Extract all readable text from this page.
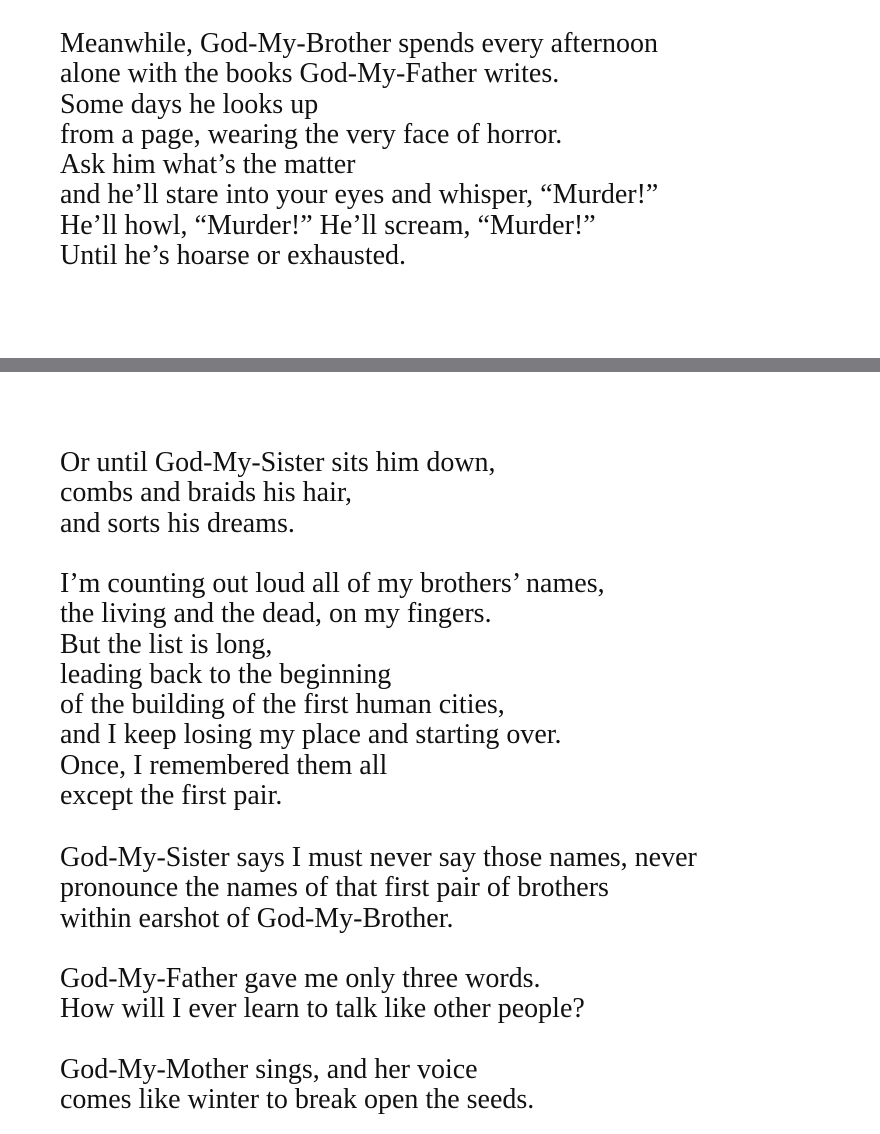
Meanwhile, God-My-Brother spends every afternoon
alone with the books God-My-Father writes.
Some days he looks up
from a page, wearing the very face of horror.
Ask him what’s the matter
and he’ll stare into your eyes and whisper, “Murder!”
He’ll howl, “Murder!” He’ll scream, “Murder!”
Until he’s hoarse or exhausted.

Or until God-My-Sister sits him down,
combs and braids his hair,
and sorts his dreams.

I’m counting out loud all of my brothers’ names,
the living and the dead, on my fingers.
But the list is long,
leading back to the beginning
of the building of the first human cities,
and I keep losing my place and starting over.
Once, I remembered them all
except the first pair.

God-My-Sister says I must never say those names, never
pronounce the names of that first pair of brothers
within earshot of God-My-Brother.

God-My-Father gave me only three words.
How will I ever learn to talk like other people?

God-My-Mother sings, and her voice
comes like winter to break open the seeds.
